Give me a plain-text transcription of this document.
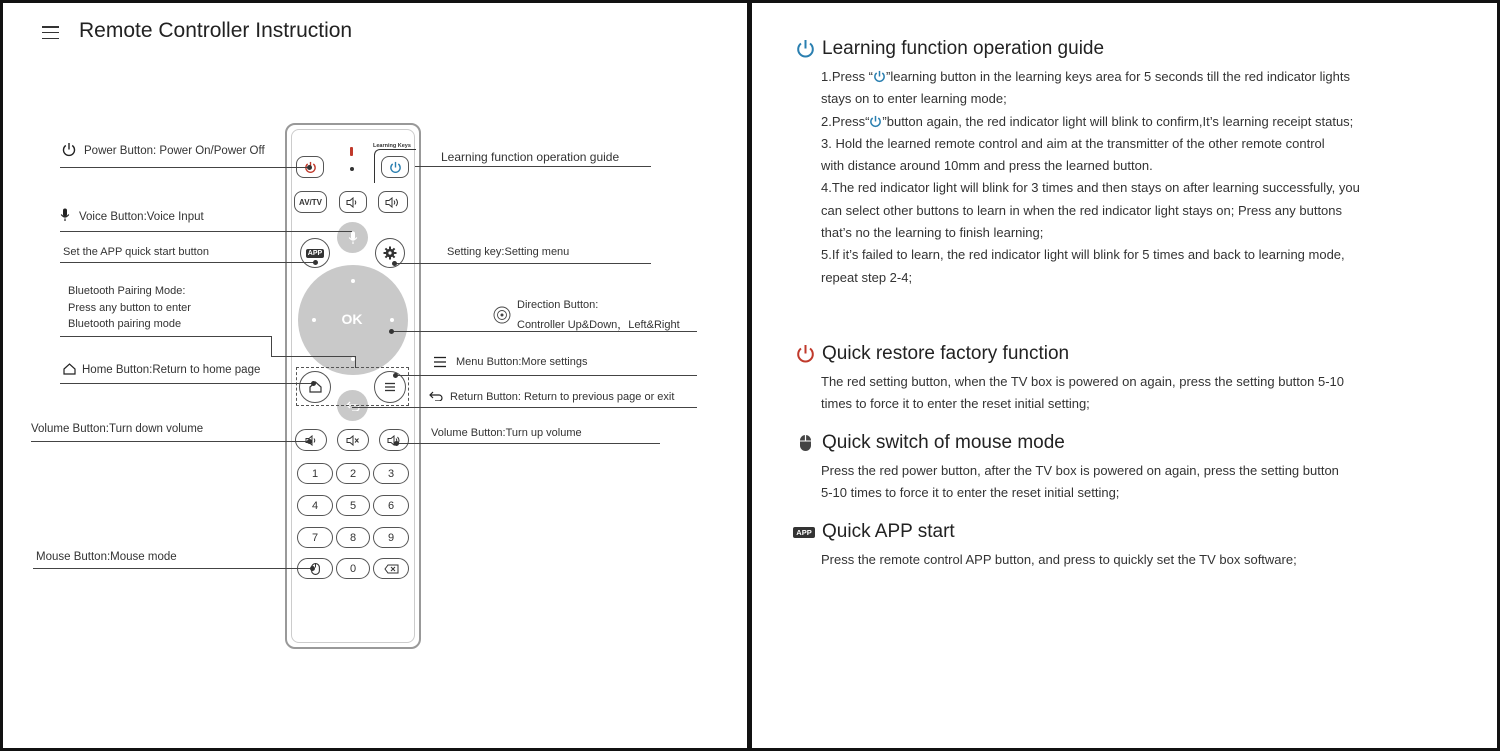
Remote Controller Instruction
Learning Keys
AV/TV
APP
OK
1	2	3
4	5	6
7	8	9
0
Power Button: Power On/Power Off
Voice Button:Voice Input
Set the APP quick start button
Bluetooth Pairing Mode:
Press any button to enter
Bluetooth pairing mode
Home Button:Return to home page
Volume Button:Turn down volume
Mouse Button:Mouse mode
Learning function operation guide
Setting key:Setting menu
Direction Button:
Controller Up&Down，Left&Right
Menu Button:More settings
Return Button: Return to previous page or exit
Volume Button:Turn up volume
Learning function operation guide

1.Press “ ”learning button in the learning keys area for 5 seconds till the red indicator lights

stays on to enter learning mode;

2.Press“ ”button again, the red indicator light will blink to confirm,It’s learning receipt status;

3. Hold the learned remote control and aim at the transmitter of the other remote control

with distance around 10mm and press the learned button.

4.The red indicator light will blink for 3 times and then stays on after learning successfully, you

can select other buttons to learn in when the red indicator light stays on; Press any buttons

that’s no the learning to finish learning;

5.If it’s failed to learn, the red indicator light will blink for 5 times and back to learning mode,

repeat step 2-4;

Quick restore factory function

The red setting button, when the TV box is powered on again, press the setting button 5-10

times to force it to enter the reset initial setting;

Quick switch of mouse mode

Press the red power button, after the TV box is powered on again, press the setting button

5-10 times to force it to enter the reset initial setting;

APP Quick APP start

Press the remote control APP button, and press to quickly set the TV box software;
